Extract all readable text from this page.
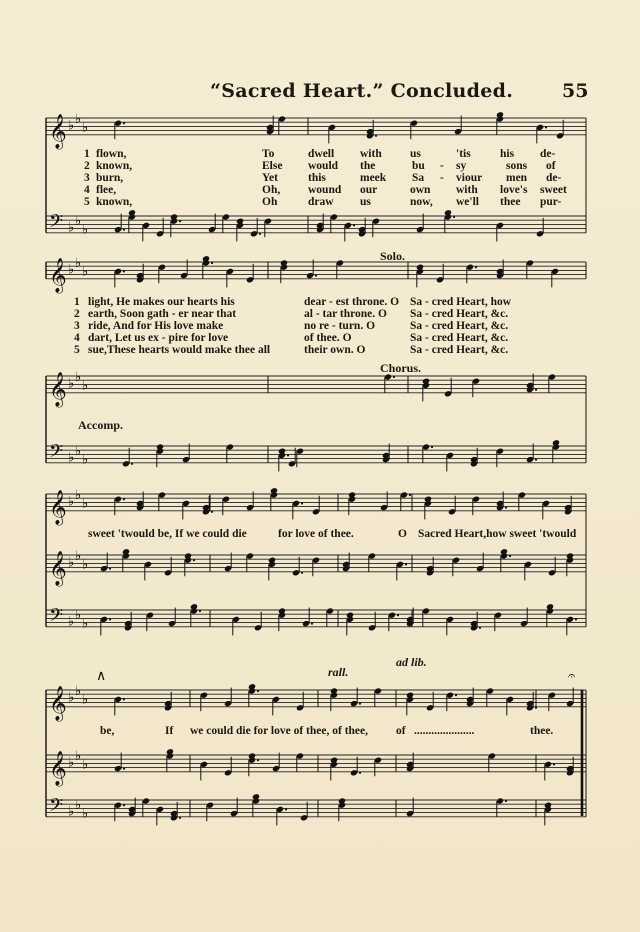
“Sacred Heart.” Concluded.	55
𝄞 ♭ ♭
♭
𝄢 ♭ ♭
♭
𝄞 ♭ ♭
♭
𝄞 ♭ ♭
♭
𝄢 ♭ ♭
♭
𝄞 ♭ ♭
♭
𝄞 ♭ ♭
♭
𝄢 ♭ ♭
♭
𝄞 ♭ ♭
♭
𝄞 ♭ ♭
♭
𝄢 ♭ ♭
♭
∧	𝄐
Solo.
Chorus.
Accomp.
rall.
ad lib.
1 flown,	To	dwell with us	'tis	his de-
2 known,	Else would the	bu - sy	sons of
3 burn,	Yet	this	meek Sa - viour men de-
4 flee,	Oh, wound our	own with love's sweet
5 known,	Oh	draw us	now, we'll thee pur-
1 light, He makes our hearts his	dear - est throne. O Sa - cred Heart, how
2 earth, Soon gath - er near that	al - tar throne. O Sa - cred Heart, &c.
3 ride, And for His love make	no re - turn. O	Sa - cred Heart, &c.
4 dart, Let us ex - pire for love	of thee. O	Sa - cred Heart, &c.
5 sue,These hearts would make thee all	their own. O	Sa - cred Heart, &c.
sweet 'twould be, If we could die	for love of thee.	O Sacred Heart,how sweet 'twould
be,	If we could die for love of thee, of thee, of .....................	thee.
